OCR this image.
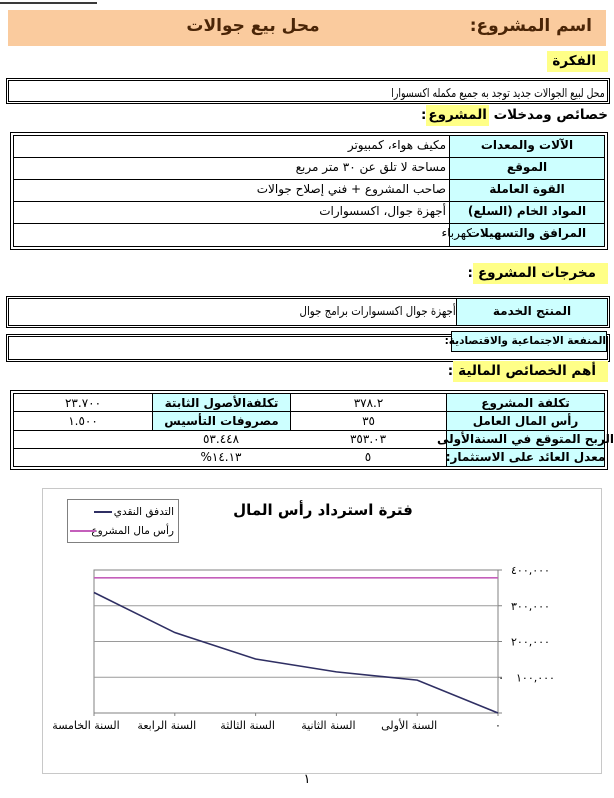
اسم المشروع:
محل بيع جوالات
الفكرة
محل لبيع الجوالات جديد توجد به جميع مكمله اكسسوارا
خصائص ومدخلات المشروع:
الآلات والمعدات
مكيف هواء، كمبيوتر
الموقع
مساحة لا تلق عن ٣٠ متر مربع
القوة العاملة
صاحب المشروع + فني إصلاح جوالات
المواد الخام (السلع)
أجهزة جوال، اكسسوارات
المرافق والتسهيلات
كهرباء
مخرجات المشروع:
المنتج الخدمة
أجهزة جوال اكسسوارات برامج جوال
المنفعة الاجتماعية والاقتصادية:
أهم الخصائص المالية:
تكلفة المشروع
٣٧٨.٢
تكلفةالأصول الثابتة
٢٣.٧٠٠
رأس المال العامل
٣٥
مصروفات التأسيس
١.٥٠٠
الربح المتوقع في السنةالأولى
٣٥٣.٠٣
٥٣.٤٤٨
معدل العائد على الاستثمار:
٥
١٤.١٣%
٤٠٠,٠٠٠
٣٠٠,٠٠٠
٢٠٠,٠٠٠
١٠٠,٠٠٠
٠
٠
السنة الأولى
السنة الثانية
السنة الثالثة
السنة الرابعة
السنة الخامسة
فترة استرداد رأس المال
التدفق النقدي
رأس مال المشروع
١
